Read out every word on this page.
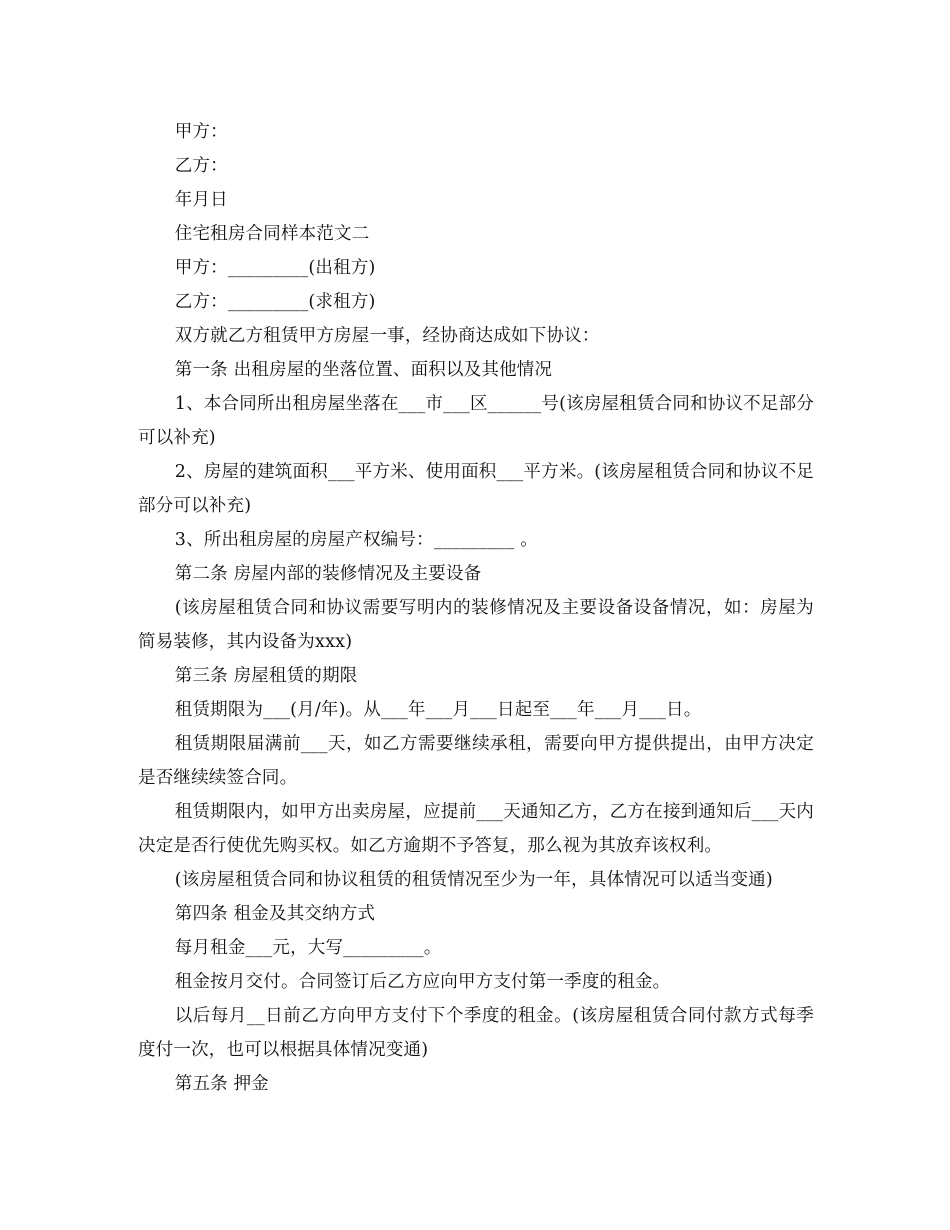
甲方：

乙方：

年月日

住宅租房合同样本范文二

甲方：_________(出租方)

乙方：_________(求租方)

双方就乙方租赁甲方房屋一事，经协商达成如下协议：

第一条 出租房屋的坐落位置、面积以及其他情况

1、本合同所出租房屋坐落在___市___区______号(该房屋租赁合同和协议不足部分可以补充)

2、房屋的建筑面积___平方米、使用面积___平方米。(该房屋租赁合同和协议不足部分可以补充)

3、所出租房屋的房屋产权编号：_________ 。

第二条 房屋内部的装修情况及主要设备

(该房屋租赁合同和协议需要写明内的装修情况及主要设备设备情况，如：房屋为简易装修，其内设备为xxx)

第三条 房屋租赁的期限

租赁期限为___(月/年)。从___年___月___日起至___年___月___日。

租赁期限届满前___天，如乙方需要继续承租，需要向甲方提供提出，由甲方决定是否继续续签合同。

租赁期限内，如甲方出卖房屋，应提前___天通知乙方，乙方在接到通知后___天内决定是否行使优先购买权。如乙方逾期不予答复，那么视为其放弃该权利。

(该房屋租赁合同和协议租赁的租赁情况至少为一年，具体情况可以适当变通)

第四条 租金及其交纳方式

每月租金___元，大写_________。

租金按月交付。合同签订后乙方应向甲方支付第一季度的租金。

以后每月__日前乙方向甲方支付下个季度的租金。(该房屋租赁合同付款方式每季度付一次，也可以根据具体情况变通)

第五条 押金
